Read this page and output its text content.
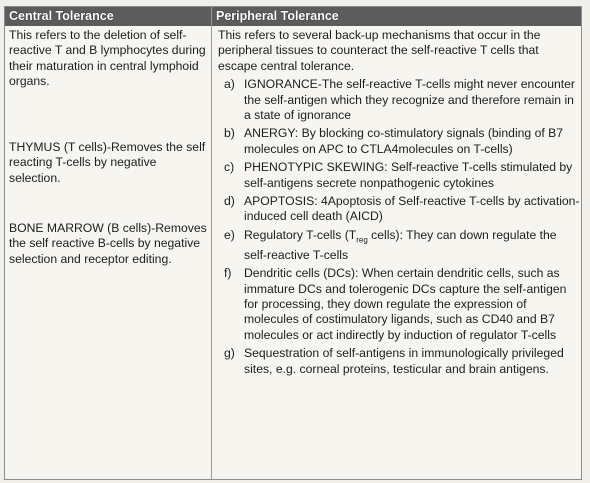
Central Tolerance	Peripheral Tolerance

This refers to the deletion of self-reactive T and B lymphocytes during their maturation in central lymphoid organs.

THYMUS (T cells)-Removes the self reacting T-cells by negative selection.

BONE MARROW (B cells)-Removes the self reactive B-cells by negative selection and receptor editing.

This refers to several back-up mechanisms that occur in the peripheral tissues to counteract the self-reactive T cells that escape central tolerance.

a) IGNORANCE-The self-reactive T-cells might never encounter the self-antigen which they recognize and therefore remain in a state of ignorance

b) ANERGY: By blocking co-stimulatory signals (binding of B7 molecules on APC to CTLA4molecules on T-cells)

c) PHENOTYPIC SKEWING: Self-reactive T-cells stimulated by self-antigens secrete nonpathogenic cytokines

d) APOPTOSIS: 4Apoptosis of Self-reactive T-cells by activation-induced cell death (AICD)

e) Regulatory T-cells ($T_{reg}$ cells): They can down regulate the self-reactive T-cells

f) Dendritic cells (DCs): When certain dendritic cells, such as immature DCs and tolerogenic DCs capture the self-antigen for processing, they down regulate the expression of molecules of costimulatory ligands, such as CD40 and B7 molecules or act indirectly by induction of regulator T-cells

g) Sequestration of self-antigens in immunologically privileged sites, e.g. corneal proteins, testicular and brain antigens.
